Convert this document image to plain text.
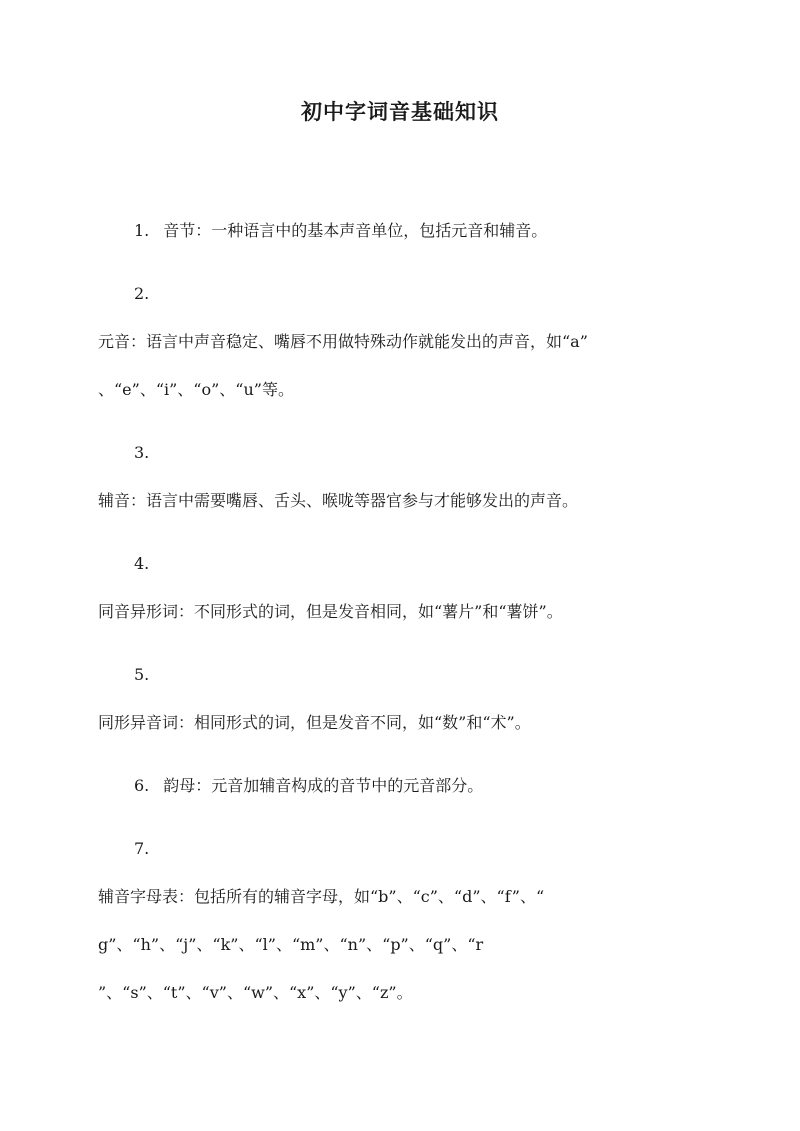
初中字词音基础知识

1. 音节：一种语言中的基本声音单位，包括元音和辅音。

2.

元音：语言中声音稳定、嘴唇不用做特殊动作就能发出的声音，如“a”

、“e”、“i”、“o”、“u”等。

3.

辅音：语言中需要嘴唇、舌头、喉咙等器官参与才能够发出的声音。

4.

同音异形词：不同形式的词，但是发音相同，如“薯片”和“薯饼”。

5.

同形异音词：相同形式的词，但是发音不同，如“数”和“术”。

6. 韵母：元音加辅音构成的音节中的元音部分。

7.

辅音字母表：包括所有的辅音字母，如“b”、“c”、“d”、“f”、“

g”、“h”、“j”、“k”、“l”、“m”、“n”、“p”、“q”、“r

”、“s”、“t”、“v”、“w”、“x”、“y”、“z”。
